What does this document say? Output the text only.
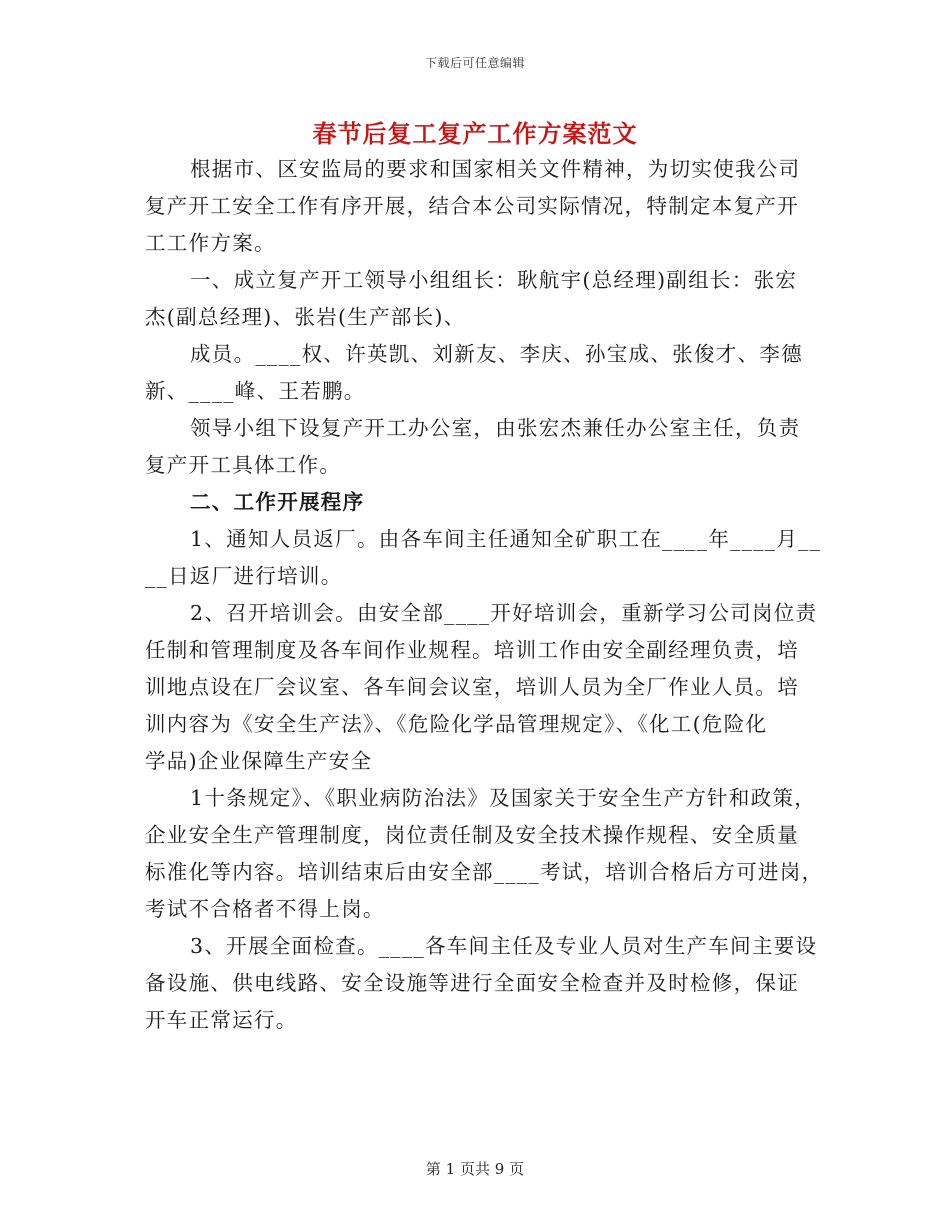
下载后可任意编辑
春节后复工复产工作方案范文
根据市、区安监局的要求和国家相关文件精神，为切实使我公司
复产开工安全工作有序开展，结合本公司实际情况，特制定本复产开
工工作方案。
一、成立复产开工领导小组组长：耿航宇(总经理)副组长：张宏
杰(副总经理)、张岩(生产部长)、
成员。____权、许英凯、刘新友、李庆、孙宝成、张俊才、李德
新、____峰、王若鹏。
领导小组下设复产开工办公室，由张宏杰兼任办公室主任，负责
复产开工具体工作。
二、工作开展程序
1、通知人员返厂。由各车间主任通知全矿职工在____年____月__
__日返厂进行培训。
2、召开培训会。由安全部____开好培训会，重新学习公司岗位责
任制和管理制度及各车间作业规程。培训工作由安全副经理负责，培
训地点设在厂会议室、各车间会议室，培训人员为全厂作业人员。培
训内容为《安全生产法》、《危险化学品管理规定》、《化工(危险化
学品)企业保障生产安全
1十条规定》、《职业病防治法》及国家关于安全生产方针和政策，
企业安全生产管理制度，岗位责任制及安全技术操作规程、安全质量
标准化等内容。培训结束后由安全部____考试，培训合格后方可进岗，
考试不合格者不得上岗。
3、开展全面检查。____各车间主任及专业人员对生产车间主要设
备设施、供电线路、安全设施等进行全面安全检查并及时检修，保证
开车正常运行。
第 1 页共 9 页
